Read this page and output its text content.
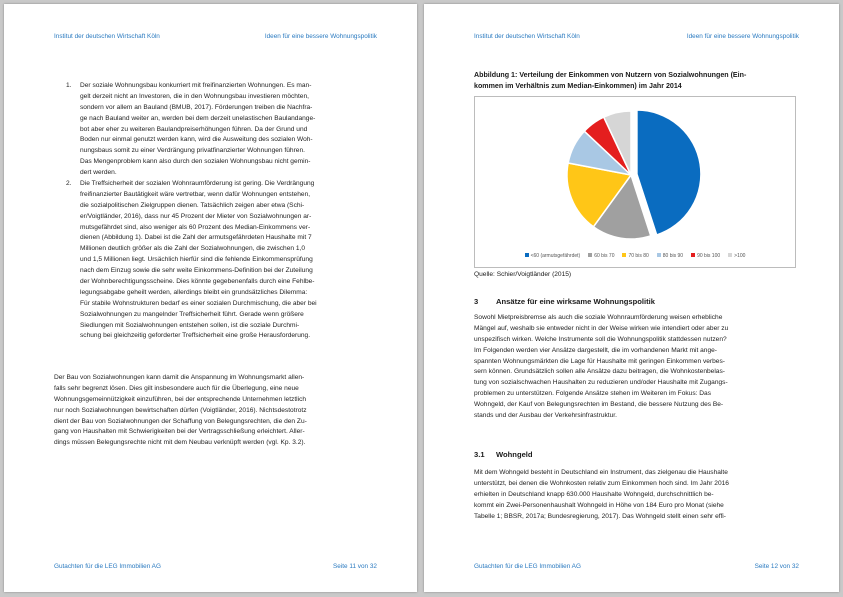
Institut der deutschen Wirtschaft Köln	Ideen für eine bessere Wohnungspolitik
1. Der soziale Wohnungsbau konkurriert mit freifinanzierten Wohnungen. Es man-
gelt derzeit nicht an Investoren, die in den Wohnungsbau investieren möchten,
sondern vor allem an Bauland (BMUB, 2017). Förderungen treiben die Nachfra-
ge nach Bauland weiter an, werden bei dem derzeit unelastischen Baulandange-
bot aber eher zu weiteren Baulandpreiserhöhungen führen. Da der Grund und
Boden nur einmal genutzt werden kann, wird die Ausweitung des sozialen Woh-
nungsbaus somit zu einer Verdrängung privatfinanzierter Wohnungen führen.
Das Mengenproblem kann also durch den sozialen Wohnungsbau nicht gemin-
dert werden.
2. Die Treffsicherheit der sozialen Wohnraumförderung ist gering. Die Verdrängung
freifinanzierter Bautätigkeit wäre vertretbar, wenn dafür Wohnungen entstehen,
die sozialpolitischen Zielgruppen dienen. Tatsächlich zeigen aber etwa (Schi-
er/Voigtländer, 2016), dass nur 45 Prozent der Mieter von Sozialwohnungen ar-
mutsgefährdet sind, also weniger als 60 Prozent des Median-Einkommens ver-
dienen (Abbildung 1). Dabei ist die Zahl der armutsgefährdeten Haushalte mit 7
Millionen deutlich größer als die Zahl der Sozialwohnungen, die zwischen 1,0
und 1,5 Millionen liegt. Ursächlich hierfür sind die fehlende Einkommensprüfung
nach dem Einzug sowie die sehr weite Einkommens-Definition bei der Zuteilung
der Wohnberechtigungsscheine. Dies könnte gegebenenfalls durch eine Fehlbe-
legungsabgabe geheilt werden, allerdings bleibt ein grundsätzliches Dilemma:
Für stabile Wohnstrukturen bedarf es einer sozialen Durchmischung, die aber bei
Sozialwohnungen zu mangelnder Treffsicherheit führt. Gerade wenn größere
Siedlungen mit Sozialwohnungen entstehen sollen, ist die soziale Durchmi-
schung bei gleichzeitig geforderter Treffsicherheit eine große Herausforderung.
Der Bau von Sozialwohnungen kann damit die Anspannung im Wohnungsmarkt allen-
falls sehr begrenzt lösen. Dies gilt insbesondere auch für die Überlegung, eine neue
Wohnungsgemeinnützigkeit einzuführen, bei der entsprechende Unternehmen letztlich
nur noch Sozialwohnungen bewirtschaften dürfen (Voigtländer, 2016). Nichtsdestotrotz
dient der Bau von Sozialwohnungen der Schaffung von Belegungsrechten, die den Zu-
gang von Haushalten mit Schwierigkeiten bei der Vertragsschließung erleichtert. Aller-
dings müssen Belegungsrechte nicht mit dem Neubau verknüpft werden (vgl. Kp. 3.2).
Gutachten für die LEG Immobilien AG	Seite 11 von 32
Institut der deutschen Wirtschaft Köln	Ideen für eine bessere Wohnungspolitik
Abbildung 1: Verteilung der Einkommen von Nutzern von Sozialwohnungen (Ein-
kommen im Verhältnis zum Median-Einkommen) im Jahr 2014
<60 (armutsgefährdet)	60 bis 70	70 bis 80	80 bis 90	90 bis 100	>100
Quelle: Schier/Voigtländer (2015)
3 Ansätze für eine wirksame Wohnungspolitik
Sowohl Mietpreisbremse als auch die soziale Wohnraumförderung weisen erhebliche
Mängel auf, weshalb sie entweder nicht in der Weise wirken wie intendiert oder aber zu
unspezifisch wirken. Welche Instrumente soll die Wohnungspolitik stattdessen nutzen?
Im Folgenden werden vier Ansätze dargestellt, die im vorhandenen Markt mit ange-
spannten Wohnungsmärkten die Lage für Haushalte mit geringen Einkommen verbes-
sern können. Grundsätzlich sollen alle Ansätze dazu beitragen, die Wohnkostenbelas-
tung von sozialschwachen Haushalten zu reduzieren und/oder Haushalte mit Zugangs-
problemen zu unterstützen. Folgende Ansätze stehen im Weiteren im Fokus: Das
Wohngeld, der Kauf von Belegungsrechten im Bestand, die bessere Nutzung des Be-
stands und der Ausbau der Verkehrsinfrastruktur.
3.1 Wohngeld
Mit dem Wohngeld besteht in Deutschland ein Instrument, das zielgenau die Haushalte
unterstützt, bei denen die Wohnkosten relativ zum Einkommen hoch sind. Im Jahr 2016
erhielten in Deutschland knapp 630.000 Haushalte Wohngeld, durchschnittlich be-
kommt ein Zwei-Personenhaushalt Wohngeld in Höhe von 184 Euro pro Monat (siehe
Tabelle 1; BBSR, 2017a; Bundesregierung, 2017). Das Wohngeld stellt einen sehr effi-
Gutachten für die LEG Immobilien AG	Seite 12 von 32
